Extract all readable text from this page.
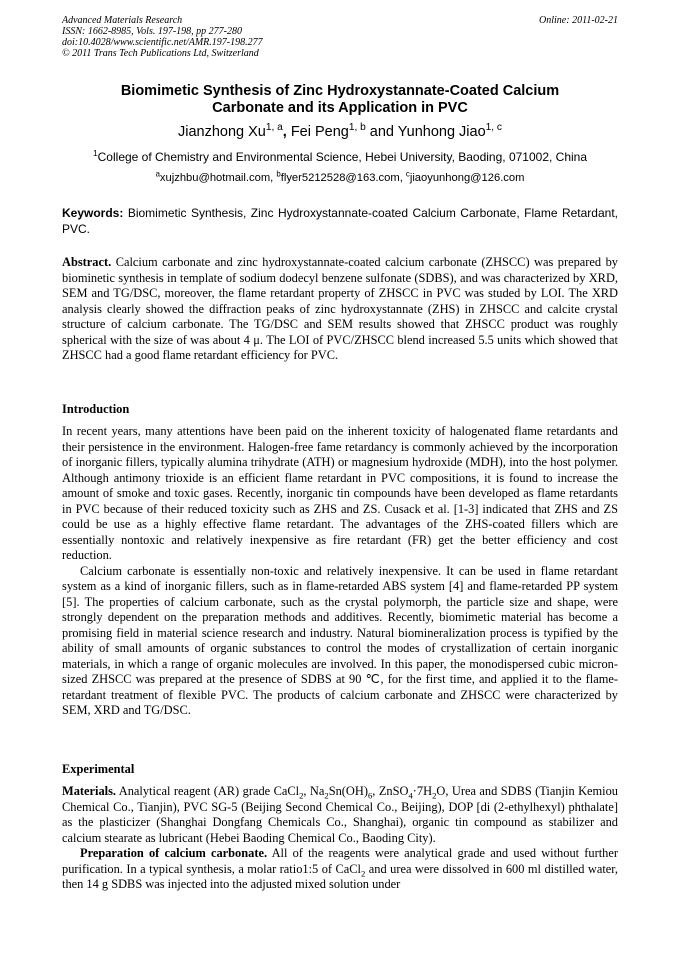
Advanced Materials Research
ISSN: 1662-8985, Vols. 197-198, pp 277-280
doi:10.4028/www.scientific.net/AMR.197-198.277
© 2011 Trans Tech Publications Ltd, Switzerland
Online: 2011-02-21
Biomimetic Synthesis of Zinc Hydroxystannate-Coated Calcium
Carbonate and its Application in PVC
Jianzhong Xu$^{1, a}$, Fei Peng$^{1, b}$ and Yunhong Jiao$^{1, c}$
$^1$College of Chemistry and Environmental Science, Hebei University, Baoding, 071002, China
$^a$xujzhbu@hotmail.com, $^b$flyer5212528@163.com, $^c$jiaoyunhong@126.com
Keywords: Biomimetic Synthesis, Zinc Hydroxystannate-coated Calcium Carbonate, Flame Retardant, PVC.
Abstract. Calcium carbonate and zinc hydroxystannate-coated calcium carbonate (ZHSCC) was prepared by biominetic synthesis in template of sodium dodecyl benzene sulfonate (SDBS), and was characterized by XRD, SEM and TG/DSC, moreover, the flame retardant property of ZHSCC in PVC was studed by LOI. The XRD analysis clearly showed the diffraction peaks of zinc hydroxystannate (ZHS) in ZHSCC and calcite crystal structure of calcium carbonate. The TG/DSC and SEM results showed that ZHSCC product was roughly spherical with the size of was about 4 μ. The LOI of PVC/ZHSCC blend increased 5.5 units which showed that ZHSCC had a good flame retardant efficiency for PVC.
Introduction

In recent years, many attentions have been paid on the inherent toxicity of halogenated flame retardants and their persistence in the environment. Halogen-free fame retardancy is commonly achieved by the incorporation of inorganic fillers, typically alumina trihydrate (ATH) or magnesium hydroxide (MDH), into the host polymer. Although antimony trioxide is an efficient flame retardant in PVC compositions, it is found to increase the amount of smoke and toxic gases. Recently, inorganic tin compounds have been developed as flame retardants in PVC because of their reduced toxicity such as ZHS and ZS. Cusack et al. [1-3] indicated that ZHS and ZS could be use as a highly effective flame retardant. The advantages of the ZHS-coated fillers which are essentially nontoxic and relatively inexpensive as fire retardant (FR) get the better efficiency and cost reduction.

Calcium carbonate is essentially non-toxic and relatively inexpensive. It can be used in flame retardant system as a kind of inorganic fillers, such as in flame-retarded ABS system [4] and flame-retarded PP system [5]. The properties of calcium carbonate, such as the crystal polymorph, the particle size and shape, were strongly dependent on the preparation methods and additives. Recently, biomimetic material has become a promising field in material science research and industry. Natural biomineralization process is typified by the ability of small amounts of organic substances to control the modes of crystallization of certain inorganic materials, in which a range of organic molecules are involved. In this paper, the monodispersed cubic micron-sized ZHSCC was prepared at the presence of SDBS at 90 ℃, for the first time, and applied it to the flame-retardant treatment of flexible PVC. The products of calcium carbonate and ZHSCC were characterized by SEM, XRD and TG/DSC.

Experimental

Materials. Analytical reagent (AR) grade CaCl$_2$, $Na_2Sn(OH)_6$, $ZnSO_4\cdot 7H_2O$, Urea and SDBS (Tianjin Kemiou Chemical Co., Tianjin), PVC SG-5 (Beijing Second Chemical Co., Beijing), DOP [di (2-ethylhexyl) phthalate] as the plasticizer (Shanghai Dongfang Chemicals Co., Shanghai), organic tin compound as stabilizer and calcium stearate as lubricant (Hebei Baoding Chemical Co., Baoding City).

Preparation of calcium carbonate. All of the reagents were analytical grade and used without further purification. In a typical synthesis, a molar ratio1:5 of CaCl$_2$ and urea were dissolved in 600 ml distilled water, then 14 g SDBS was injected into the adjusted mixed solution under
